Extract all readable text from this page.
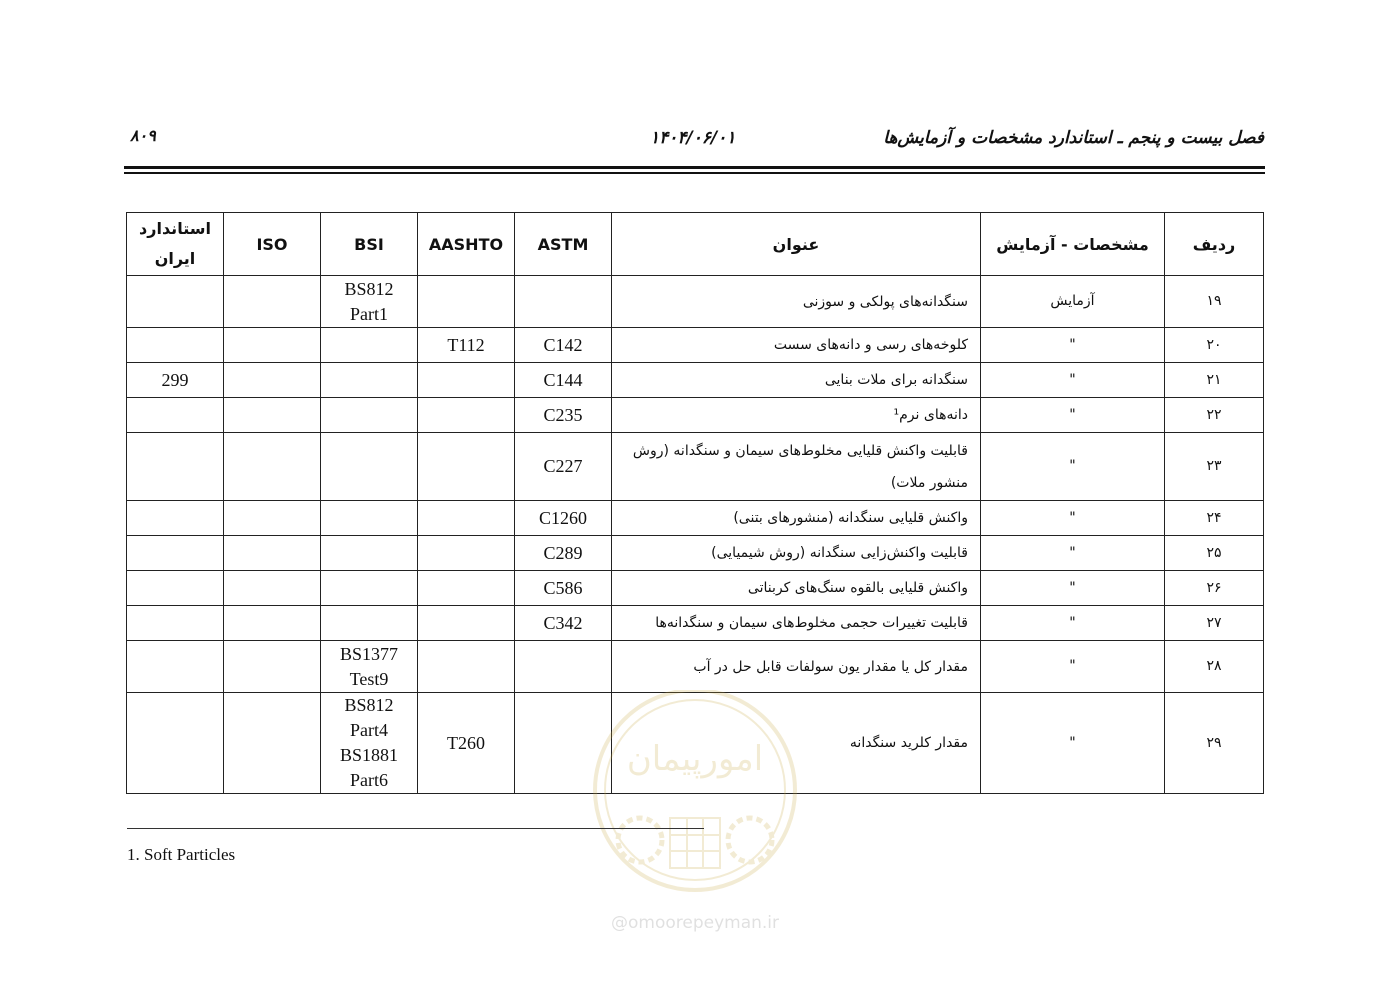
فصل بیست و پنجم ـ استاندارد مشخصات و آزمایش‌ها
۱۴۰۴/۰۶/۰۱
۸۰۹
ردیف	مشخصات - آزمایش	عنوان	ASTM	AASHTO	BSI	ISO	استاندارد ایران
۱۹	آزمایش	سنگدانه‌های پولکی و سوزنی			BS812 Part1		
۲۰	"	کلوخه‌های رسی و دانه‌های سست	C142	T112			
۲۱	"	سنگدانه برای ملات بنایی	C144				299
۲۲	"	دانه‌های نرم¹	C235				
۲۳	"	قابلیت واکنش قلیایی مخلوط‌های سیمان و سنگدانه (روش منشور ملات)	C227				
۲۴	"	واکنش قلیایی سنگدانه (منشورهای بتنی)	C1260				
۲۵	"	قابلیت واکنش‌زایی سنگدانه (روش شیمیایی)	C289				
۲۶	"	واکنش قلیایی بالقوه سنگ‌های کربناتی	C586				
۲۷	"	قابلیت تغییرات حجمی مخلوط‌های سیمان و سنگدانه‌ها	C342				
۲۸	"	مقدار کل یا مقدار یون سولفات قابل حل در آب			BS1377 Test9		
۲۹	"	مقدار کلرید سنگدانه		T260	BS812 Part4 BS1881 Part6		
امورپیمان
@omoorepeyman.ir
1. Soft Particles
